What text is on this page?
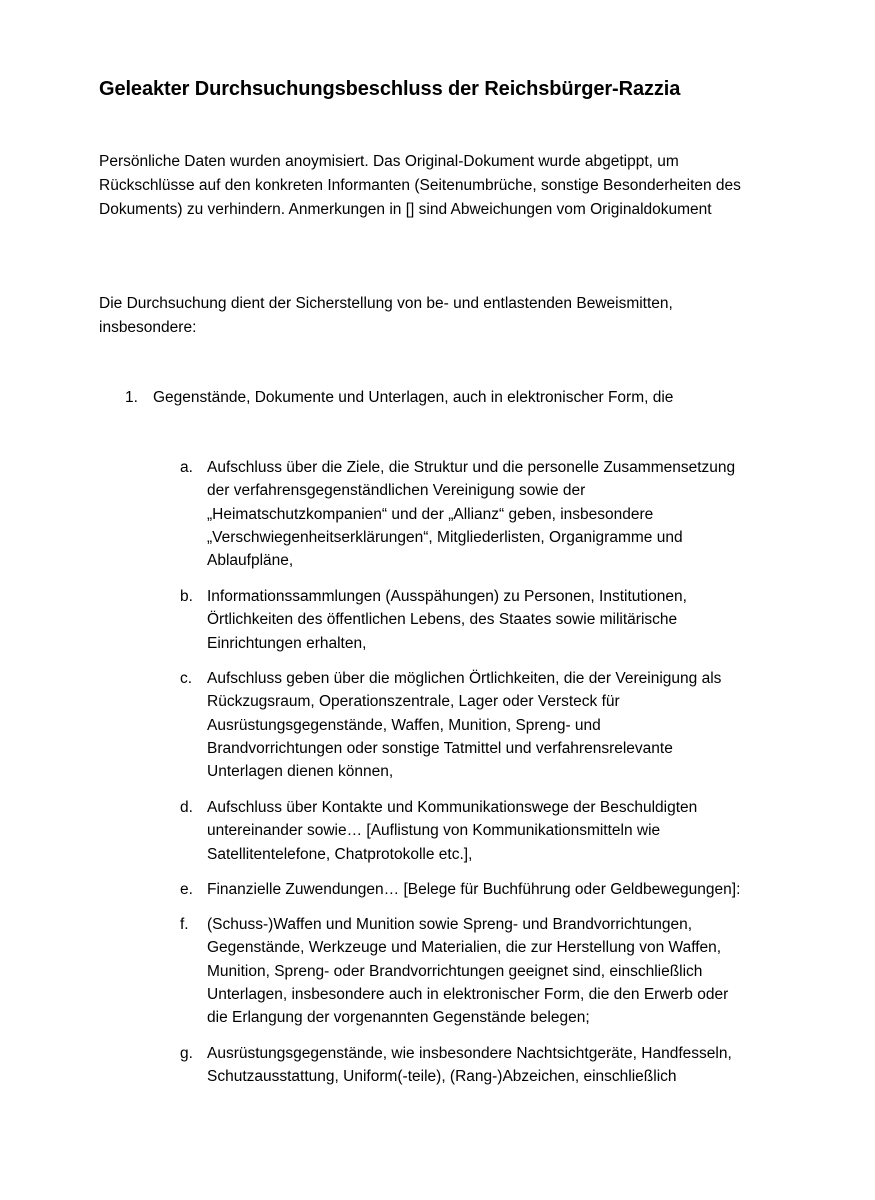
Geleakter Durchsuchungsbeschluss der Reichsbürger-Razzia

Persönliche Daten wurden anoymisiert. Das Original-Dokument wurde abgetippt, um Rückschlüsse auf den konkreten Informanten (Seitenumbrüche, sonstige Besonderheiten des Dokuments) zu verhindern. Anmerkungen in [] sind Abweichungen vom Originaldokument

Die Durchsuchung dient der Sicherstellung von be- und entlastenden Beweismitten, insbesondere:

1. Gegenstände, Dokumente und Unterlagen, auch in elektronischer Form, die
a. Aufschluss über die Ziele, die Struktur und die personelle Zusammensetzung
der verfahrensgegenständlichen Vereinigung sowie der
„Heimatschutzkompanien“ und der „Allianz“ geben, insbesondere
„Verschwiegenheitserklärungen“, Mitgliederlisten, Organigramme und
Ablaufpläne,
b. Informationssammlungen (Ausspähungen) zu Personen, Institutionen,
Örtlichkeiten des öffentlichen Lebens, des Staates sowie militärische
Einrichtungen erhalten,
c. Aufschluss geben über die möglichen Örtlichkeiten, die der Vereinigung als
Rückzugsraum, Operationszentrale, Lager oder Versteck für
Ausrüstungsgegenstände, Waffen, Munition, Spreng- und
Brandvorrichtungen oder sonstige Tatmittel und verfahrensrelevante
Unterlagen dienen können,
d. Aufschluss über Kontakte und Kommunikationswege der Beschuldigten
untereinander sowie… [Auflistung von Kommunikationsmitteln wie
Satellitentelefone, Chatprotokolle etc.],
e. Finanzielle Zuwendungen… [Belege für Buchführung oder Geldbewegungen]:
f. (Schuss-)Waffen und Munition sowie Spreng- und Brandvorrichtungen,
Gegenstände, Werkzeuge und Materialien, die zur Herstellung von Waffen,
Munition, Spreng- oder Brandvorrichtungen geeignet sind, einschließlich
Unterlagen, insbesondere auch in elektronischer Form, die den Erwerb oder
die Erlangung der vorgenannten Gegenstände belegen;
g. Ausrüstungsgegenstände, wie insbesondere Nachtsichtgeräte, Handfesseln,
Schutzausstattung, Uniform(-teile), (Rang-)Abzeichen, einschließlich
